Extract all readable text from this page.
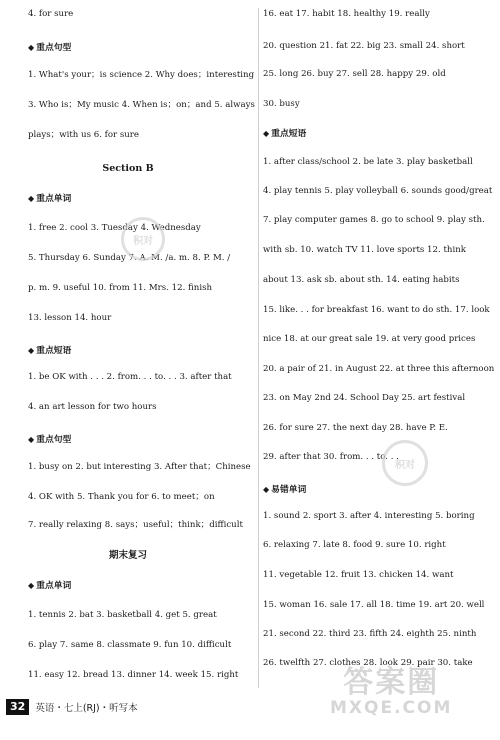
4. for sure
◆ 重点句型
1. What's your；is science 2. Why does；interesting
3. Who is；My music 4. When is；on；and 5. always
plays；with us 6. for sure
Section B
◆ 重点单词
1. free 2. cool 3. Tuesday 4. Wednesday
5. Thursday 6. Sunday 7. A. M. /a. m. 8. P. M. /
p. m. 9. useful 10. from 11. Mrs. 12. finish
13. lesson 14. hour
◆ 重点短语
1. be OK with . . . 2. from. . . to. . . 3. after that
4. an art lesson for two hours
◆ 重点句型
1. busy on 2. but interesting 3. After that；Chinese
4. OK with 5. Thank you for 6. to meet；on
7. really relaxing 8. says；useful；think；difficult
期末复习
◆ 重点单词
1. tennis 2. bat 3. basketball 4. get 5. great
6. play 7. same 8. classmate 9. fun 10. difficult
11. easy 12. bread 13. dinner 14. week 15. right
16. eat 17. habit 18. healthy 19. really
20. question 21. fat 22. big 23. small 24. short
25. long 26. buy 27. sell 28. happy 29. old
30. busy
◆ 重点短语
1. after class/school 2. be late 3. play basketball
4. play tennis 5. play volleyball 6. sounds good/great
7. play computer games 8. go to school 9. play sth.
with sb. 10. watch TV 11. love sports 12. think
about 13. ask sb. about sth. 14. eating habits
15. like. . . for breakfast 16. want to do sth. 17. look
nice 18. at our great sale 19. at very good prices
20. a pair of 21. in August 22. at three this afternoon
23. on May 2nd 24. School Day 25. art festival
26. for sure 27. the next day 28. have P. E.
29. after that 30. from. . . to. . .
◆ 易错单词
1. sound 2. sport 3. after 4. interesting 5. boring
6. relaxing 7. late 8. food 9. sure 10. right
11. vegetable 12. fruit 13. chicken 14. want
15. woman 16. sale 17. all 18. time 19. art 20. well
21. second 22. third 23. fifth 24. eighth 25. ninth
26. twelfth 27. clothes 28. look 29. pair 30. take
积对
积对
答案圈
MXQE.COM
32	英语・七上(RJ)・听写本
